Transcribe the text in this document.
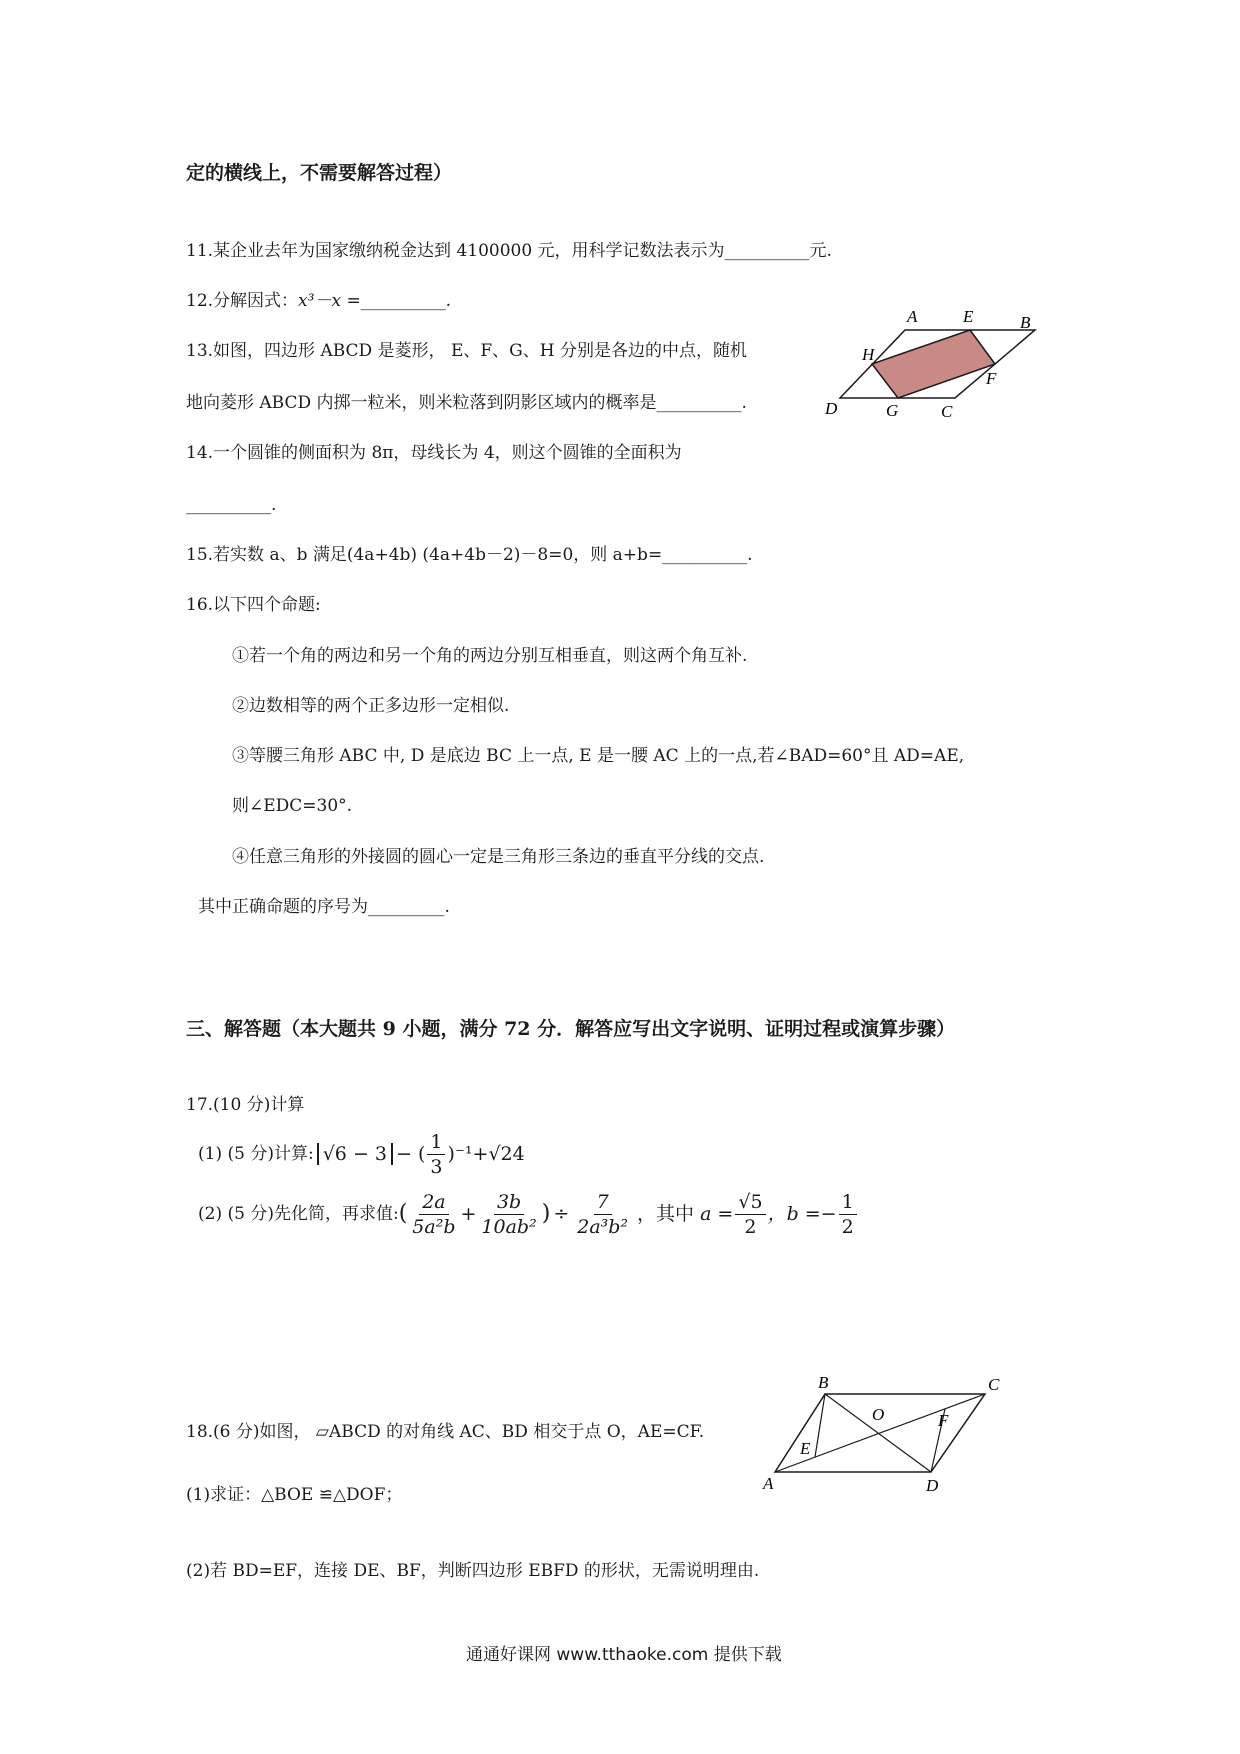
定的横线上，不需要解答过程）
11.某企业去年为国家缴纳税金达到 4100000 元，用科学记数法表示为__________元.
12.分解因式：x³－x =__________.
13.如图，四边形 ABCD 是菱形， E、F、G、H 分别是各边的中点，随机
地向菱形 ABCD 内掷一粒米，则米粒落到阴影区域内的概率是__________.
A	E	B
H
F
D	G	C
14.一个圆锥的侧面积为 8π，母线长为 4，则这个圆锥的全面积为
__________.
15.若实数 a、b 满足(4a+4b) (4a+4b－2)－8=0，则 a+b=__________.
16.以下四个命题:
①若一个角的两边和另一个角的两边分别互相垂直，则这两个角互补.
②边数相等的两个正多边形一定相似.
③等腰三角形 ABC 中, D 是底边 BC 上一点, E 是一腰 AC 上的一点,若∠BAD=60°且 AD=AE,
则∠EDC=30°.
④任意三角形的外接圆的圆心一定是三角形三条边的垂直平分线的交点.
其中正确命题的序号为_________.
三、解答题（本大题共 9 小题，满分 72 分．解答应写出文字说明、证明过程或演算步骤）
17.(10 分)计算
(1) (5 分)计算: √6 − 3 − ( $\frac{1}{3} )^{-1} +√24$
(2) (5 分)先化简，再求值: ( $\frac{2a}{\text{5a²b}} + \frac{3b}{\text{10ab²}}$ ) ÷ $\frac{7}{\text{2a³b²}}$ ，其中 $a = \frac{√5}{2}$ ，$b =- \frac{1}{2}$
18.(6 分)如图， ▱ABCD 的对角线 AC、BD 相交于点 O，AE=CF.
(1)求证：△BOE ≌△DOF；
(2)若 BD=EF，连接 DE、BF，判断四边形 EBFD 的形状，无需说明理由.
B	C
O	F
E
A	D
通通好课网 www.tthaoke.com 提供下载
